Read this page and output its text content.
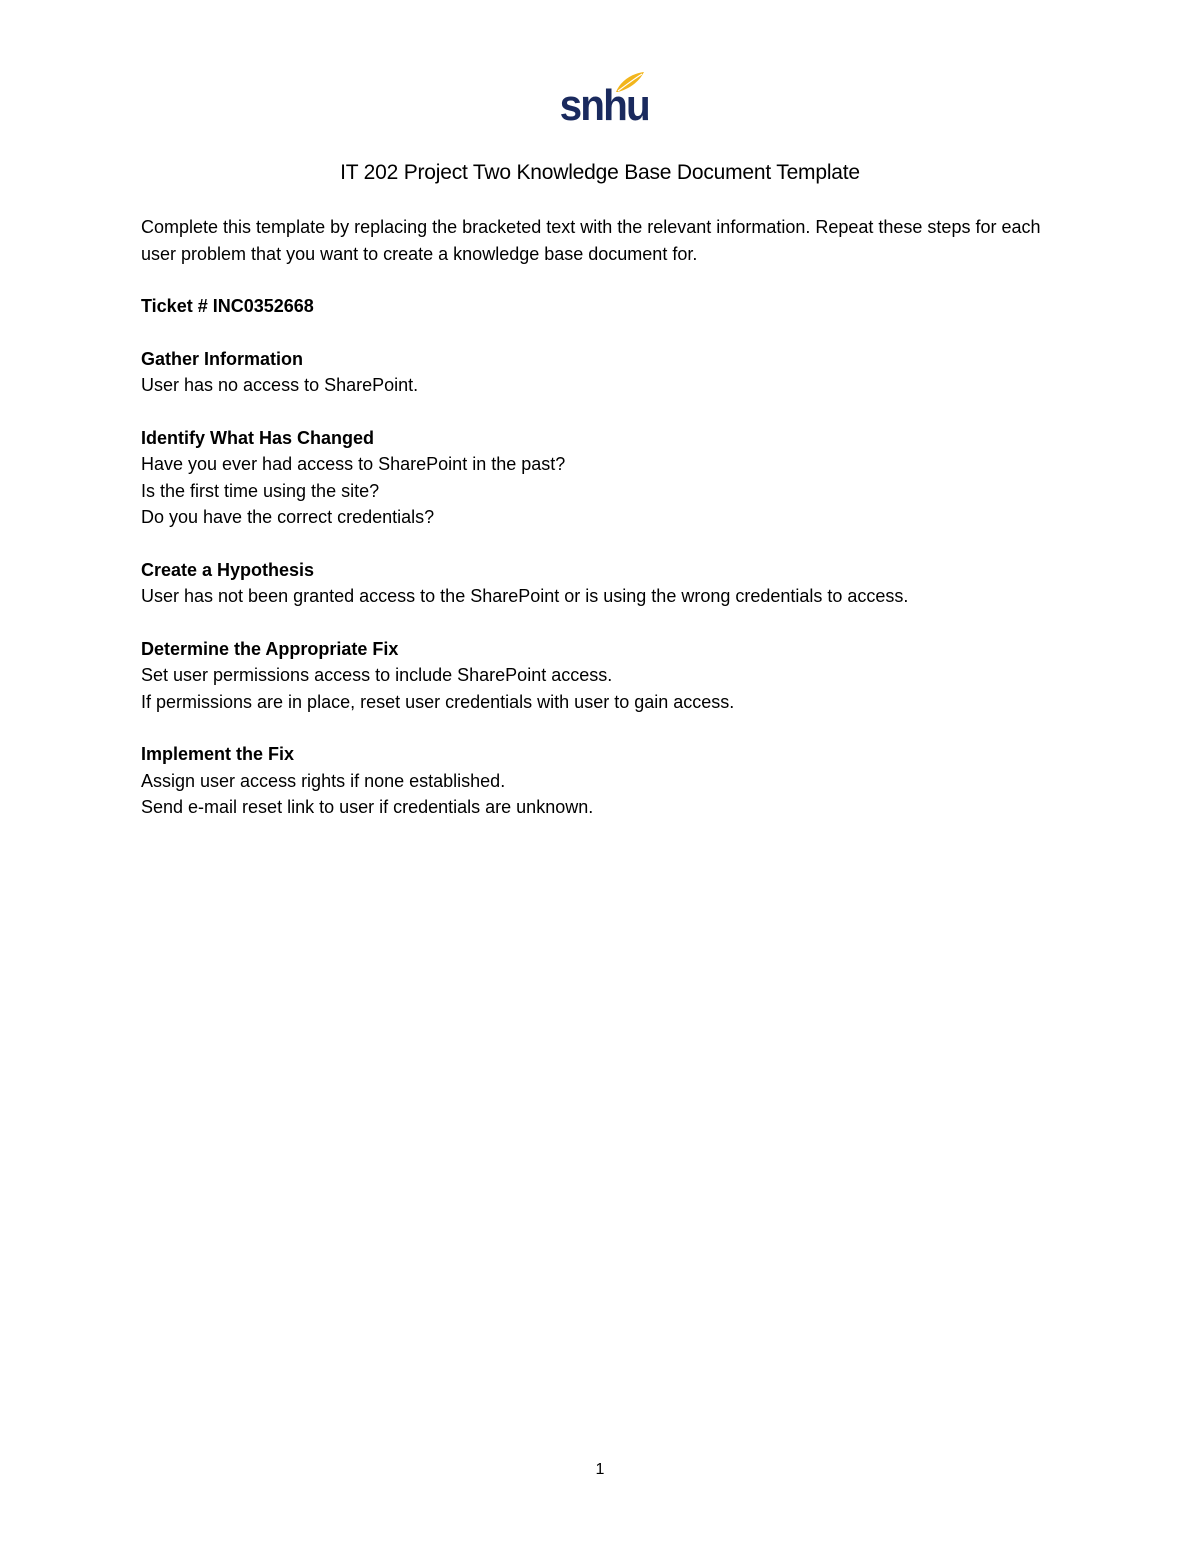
snhu
IT 202 Project Two Knowledge Base Document Template

Complete this template by replacing the bracketed text with the relevant information. Repeat these steps for each user problem that you want to create a knowledge base document for.

Ticket # INC0352668

Gather Information

User has no access to SharePoint.

Identify What Has Changed

Have you ever had access to SharePoint in the past?

Is the first time using the site?

Do you have the correct credentials?

Create a Hypothesis

User has not been granted access to the SharePoint or is using the wrong credentials to access.

Determine the Appropriate Fix

Set user permissions access to include SharePoint access.

If permissions are in place, reset user credentials with user to gain access.

Implement the Fix

Assign user access rights if none established.

Send e-mail reset link to user if credentials are unknown.

1
